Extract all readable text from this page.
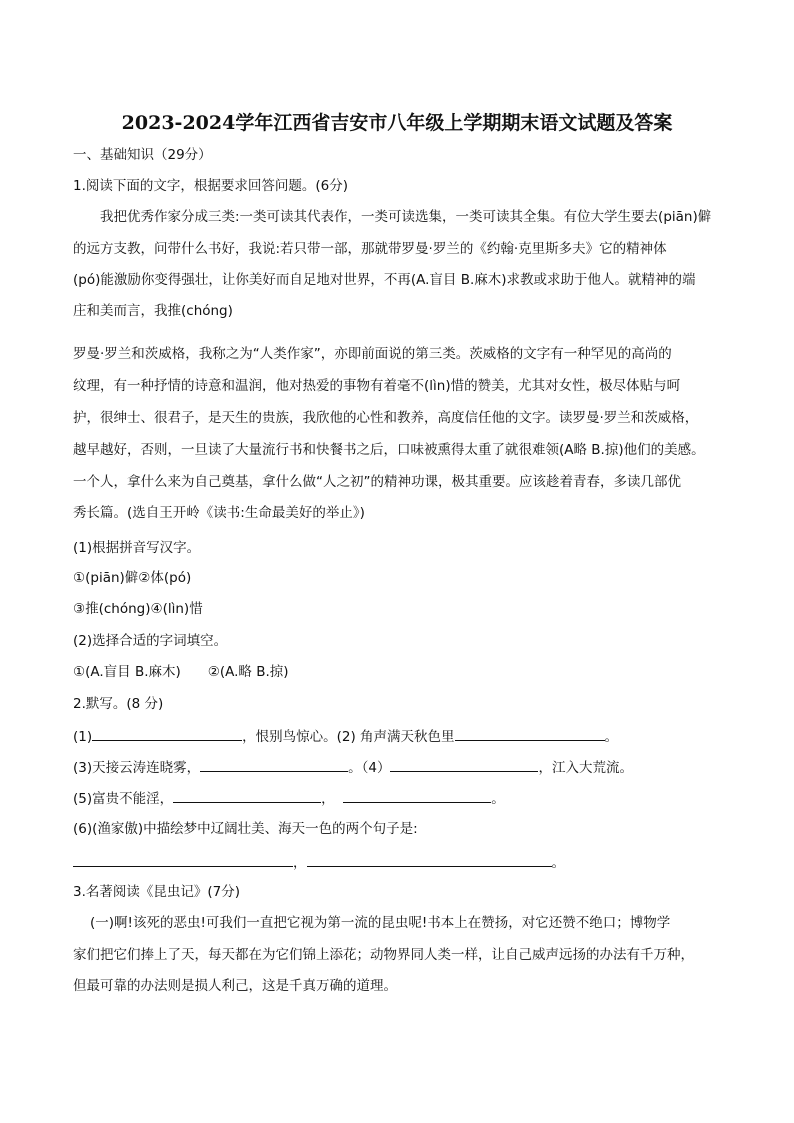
2023-2024学年江西省吉安市八年级上学期期末语文试题及答案
一、基础知识（29分）
1.阅读下面的文字，根据要求回答问题。(6分)
我把优秀作家分成三类:一类可读其代表作，一类可读选集，一类可读其全集。有位大学生要去(piān)僻
的远方支教，问带什么书好，我说:若只带一部，那就带罗曼·罗兰的《约翰·克里斯多夫》它的精神体
(pó)能激励你变得强壮，让你美好而自足地对世界，不再(A.盲目 B.麻木)求教或求助于他人。就精神的端
庄和美而言，我推(chóng)
罗曼·罗兰和茨威格，我称之为“人类作家”，亦即前面说的第三类。茨威格的文字有一种罕见的高尚的
纹理，有一种抒情的诗意和温润，他对热爱的事物有着毫不(lìn)惜的赞美，尤其对女性，极尽体贴与呵
护，很绅士、很君子，是天生的贵族，我欣他的心性和教养，高度信任他的文字。读罗曼·罗兰和茨威格，
越早越好，否则，一旦读了大量流行书和快餐书之后，口味被熏得太重了就很难领(A略 B.掠)他们的美感。
一个人，拿什么来为自己奠基，拿什么做“人之初”的精神功课，极其重要。应该趁着青春，多读几部优
秀长篇。(选自王开岭《读书:生命最美好的举止》)
(1)根据拼音写汉字。
①(piān)僻②体(pó)
③推(chóng)④(lìn)惜
(2)选择合适的字词填空。
①(A.盲目 B.麻木)　　②(A.略 B.掠)
2.默写。(8 分)
(1)	，恨别鸟惊心。(2) 角声满天秋色里	。
(3)天接云涛连晓雾，	。（4）	，江入大荒流。
(5)富贵不能淫，	，	。
(6)(渔家傲)中描绘梦中辽阔壮美、海天一色的两个句子是:
，	。
3.名著阅读《昆虫记》(7分)
(一)啊!该死的恶虫!可我们一直把它视为第一流的昆虫呢!书本上在赞扬，对它还赞不绝口；博物学
家们把它们捧上了天，每天都在为它们锦上添花；动物界同人类一样，让自己威声远扬的办法有千万种，
但最可靠的办法则是损人利己，这是千真万确的道理。
